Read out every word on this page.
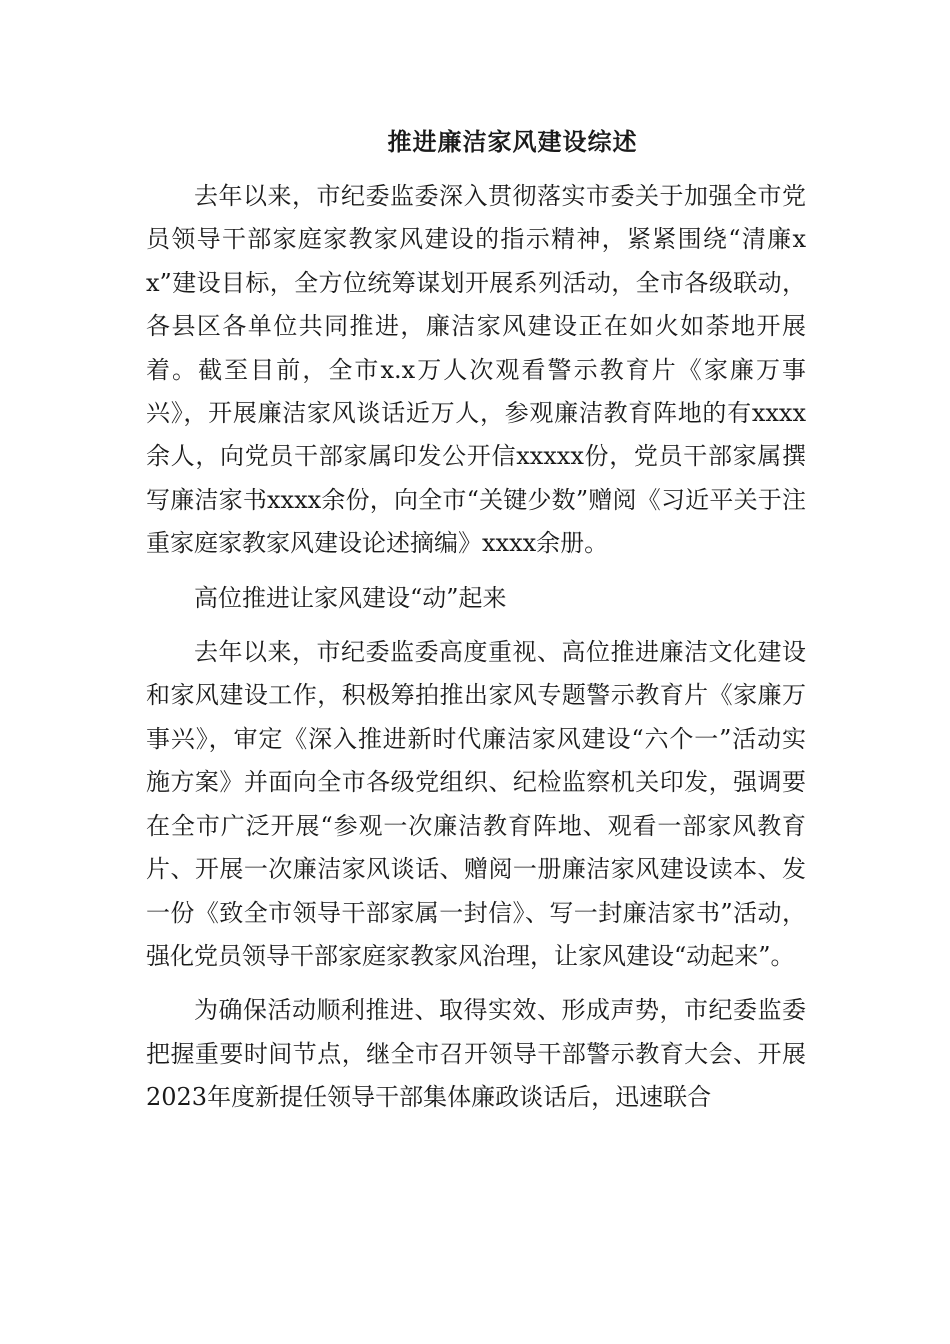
推进廉洁家风建设综述

去年以来，市纪委监委深入贯彻落实市委关于加强全市党员领导干部家庭家教家风建设的指示精神，紧紧围绕“清廉xx”建设目标，全方位统筹谋划开展系列活动，全市各级联动，各县区各单位共同推进，廉洁家风建设正在如火如荼地开展着。截至目前，全市x.x万人次观看警示教育片《家廉万事兴》，开展廉洁家风谈话近万人，参观廉洁教育阵地的有xxxx余人，向党员干部家属印发公开信xxxxx份，党员干部家属撰写廉洁家书xxxx余份，向全市“关键少数”赠阅《习近平关于注重家庭家教家风建设论述摘编》xxxx余册。

高位推进让家风建设“动”起来

去年以来，市纪委监委高度重视、高位推进廉洁文化建设和家风建设工作，积极筹拍推出家风专题警示教育片《家廉万事兴》，审定《深入推进新时代廉洁家风建设“六个一”活动实施方案》并面向全市各级党组织、纪检监察机关印发，强调要在全市广泛开展“参观一次廉洁教育阵地、观看一部家风教育片、开展一次廉洁家风谈话、赠阅一册廉洁家风建设读本、发一份《致全市领导干部家属一封信》、写一封廉洁家书”活动，强化党员领导干部家庭家教家风治理，让家风建设“动起来”。

为确保活动顺利推进、取得实效、形成声势，市纪委监委把握重要时间节点，继全市召开领导干部警示教育大会、开展2023年度新提任领导干部集体廉政谈话后，迅速联合
